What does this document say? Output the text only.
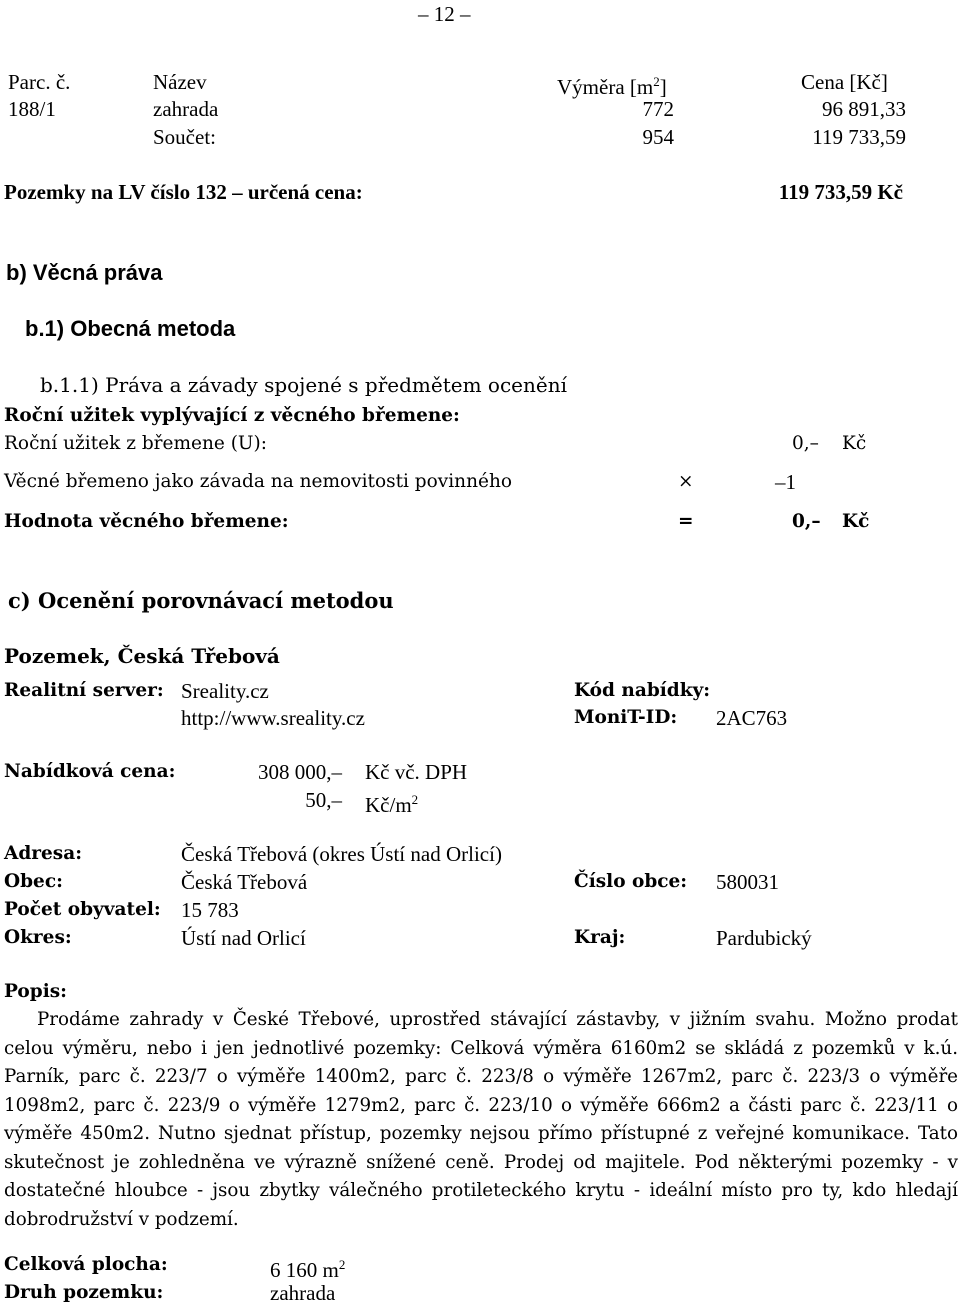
– 12 –
Parc. č.	Název	Výměra $[m^2]$	Cena [Kč]
188/1	zahrada	772	96 891,33
Součet:	954	119 733,59
Pozemky na LV číslo 132 – určená cena:	119 733,59 Kč
b) Věcná práva
b.1) Obecná metoda
b.1.1) Práva a závady spojené s předmětem ocenění
Roční užitek vyplývající z věcného břemene:
Roční užitek z břemene (U):	0,– Kč
Věcné břemeno jako závada na nemovitosti povinného	×	–1
Hodnota věcného břemene:	=	0,– Kč
c) Ocenění porovnávací metodou
Pozemek, Česká Třebová
Realitní server: Sreality.cz	Kód nabídky:
http://www.sreality.cz	MoniT-ID: 2AC763
Nabídková cena:	308 000,– Kč vč. DPH
50,– $Kč/m^2$
Adresa:	Česká Třebová (okres Ústí nad Orlicí)
Obec:	Česká Třebová	Číslo obce: 580031
Počet obyvatel: 15 783
Okres:	Ústí nad Orlicí	Kraj:	Pardubický
Popis:
Prodáme zahrady v České Třebové, uprostřed stávající zástavby, v jižním svahu. Možno prodat celou výměru, nebo i jen jednotlivé pozemky: Celková výměra 6160m2 se skládá z pozemků v k.ú. Parník, parc č. 223/7 o výměře 1400m2, parc č. 223/8 o výměře 1267m2, parc č. 223/3 o výměře 1098m2, parc č. 223/9 o výměře 1279m2, parc č. 223/10 o výměře 666m2 a části parc č. 223/11 o výměře 450m2. Nutno sjednat přístup, pozemky nejsou přímo přístupné z veřejné komunikace. Tato skutečnost je zohledněna ve výrazně snížené ceně. Prodej od majitele. Pod některými pozemky - v dostatečné hloubce - jsou zbytky válečného protileteckého krytu - ideální místo pro ty, kdo hledají dobrodružství v podzemí.
Celková plocha:	6 160 $m^2$
Druh pozemku:	zahrada
